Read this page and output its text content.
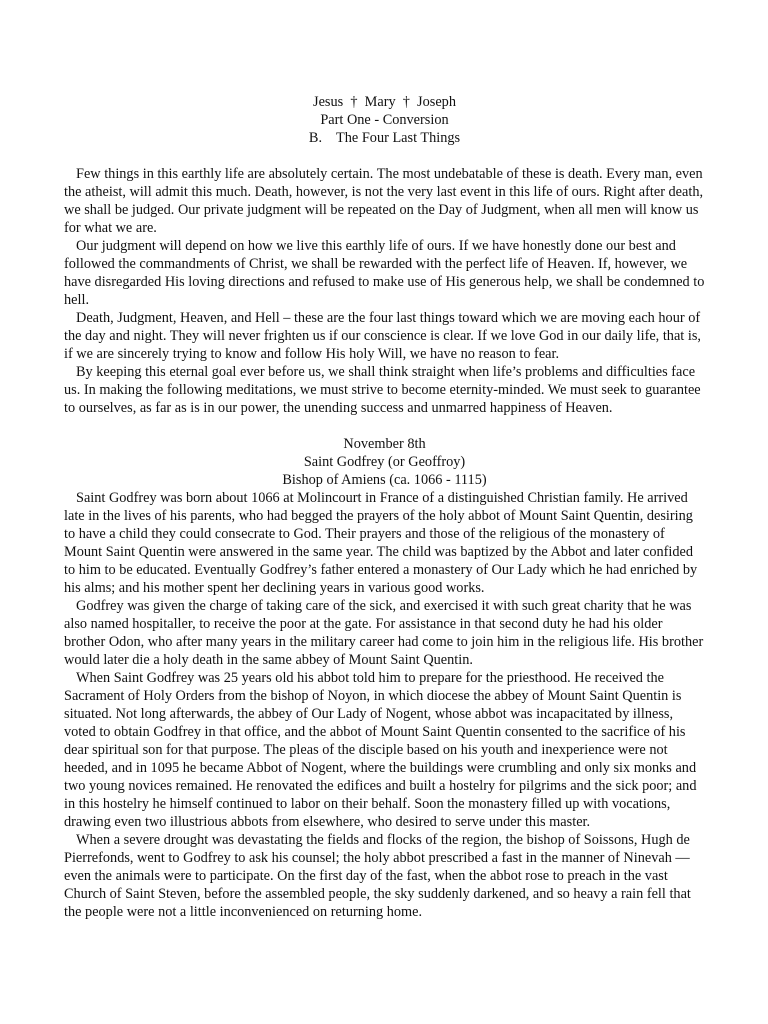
Jesus  †  Mary  †  Joseph

Part One - Conversion

B.    The Four Last Things

Few things in this earthly life are absolutely certain. The most undebatable of these is death. Every man, even the atheist, will admit this much. Death, however, is not the very last event in this life of ours. Right after death, we shall be judged. Our private judgment will be repeated on the Day of Judgment, when all men will know us for what we are.

Our judgment will depend on how we live this earthly life of ours. If we have honestly done our best and followed the commandments of Christ, we shall be rewarded with the perfect life of Heaven. If, however, we have disregarded His loving directions and refused to make use of His generous help, we shall be condemned to hell.

Death, Judgment, Heaven, and Hell – these are the four last things toward which we are moving each hour of the day and night. They will never frighten us if our conscience is clear. If we love God in our daily life, that is, if we are sincerely trying to know and follow His holy Will, we have no reason to fear.

By keeping this eternal goal ever before us, we shall think straight when life’s problems and difficulties face us. In making the following meditations, we must strive to become eternity-minded. We must seek to guarantee to ourselves, as far as is in our power, the unending success and unmarred happiness of Heaven.

November 8th

Saint Godfrey (or Geoffroy)

Bishop of Amiens (ca. 1066 - 1115)

Saint Godfrey was born about 1066 at Molincourt in France of a distinguished Christian family. He arrived late in the lives of his parents, who had begged the prayers of the holy abbot of Mount Saint Quentin, desiring to have a child they could consecrate to God. Their prayers and those of the religious of the monastery of Mount Saint Quentin were answered in the same year. The child was baptized by the Abbot and later confided to him to be educated. Eventually Godfrey’s father entered a monastery of Our Lady which he had enriched by his alms; and his mother spent her declining years in various good works.

Godfrey was given the charge of taking care of the sick, and exercised it with such great charity that he was also named hospitaller, to receive the poor at the gate. For assistance in that second duty he had his older brother Odon, who after many years in the military career had come to join him in the religious life. His brother would later die a holy death in the same abbey of Mount Saint Quentin.

When Saint Godfrey was 25 years old his abbot told him to prepare for the priesthood. He received the Sacrament of Holy Orders from the bishop of Noyon, in which diocese the abbey of Mount Saint Quentin is situated. Not long afterwards, the abbey of Our Lady of Nogent, whose abbot was incapacitated by illness, voted to obtain Godfrey in that office, and the abbot of Mount Saint Quentin consented to the sacrifice of his dear spiritual son for that purpose. The pleas of the disciple based on his youth and inexperience were not heeded, and in 1095 he became Abbot of Nogent, where the buildings were crumbling and only six monks and two young novices remained. He renovated the edifices and built a hostelry for pilgrims and the sick poor; and in this hostelry he himself continued to labor on their behalf. Soon the monastery filled up with vocations, drawing even two illustrious abbots from elsewhere, who desired to serve under this master.

When a severe drought was devastating the fields and flocks of the region, the bishop of Soissons, Hugh de Pierrefonds, went to Godfrey to ask his counsel; the holy abbot prescribed a fast in the manner of Ninevah — even the animals were to participate. On the first day of the fast, when the abbot rose to preach in the vast Church of Saint Steven, before the assembled people, the sky suddenly darkened, and so heavy a rain fell that the people were not a little inconvenienced on returning home.
